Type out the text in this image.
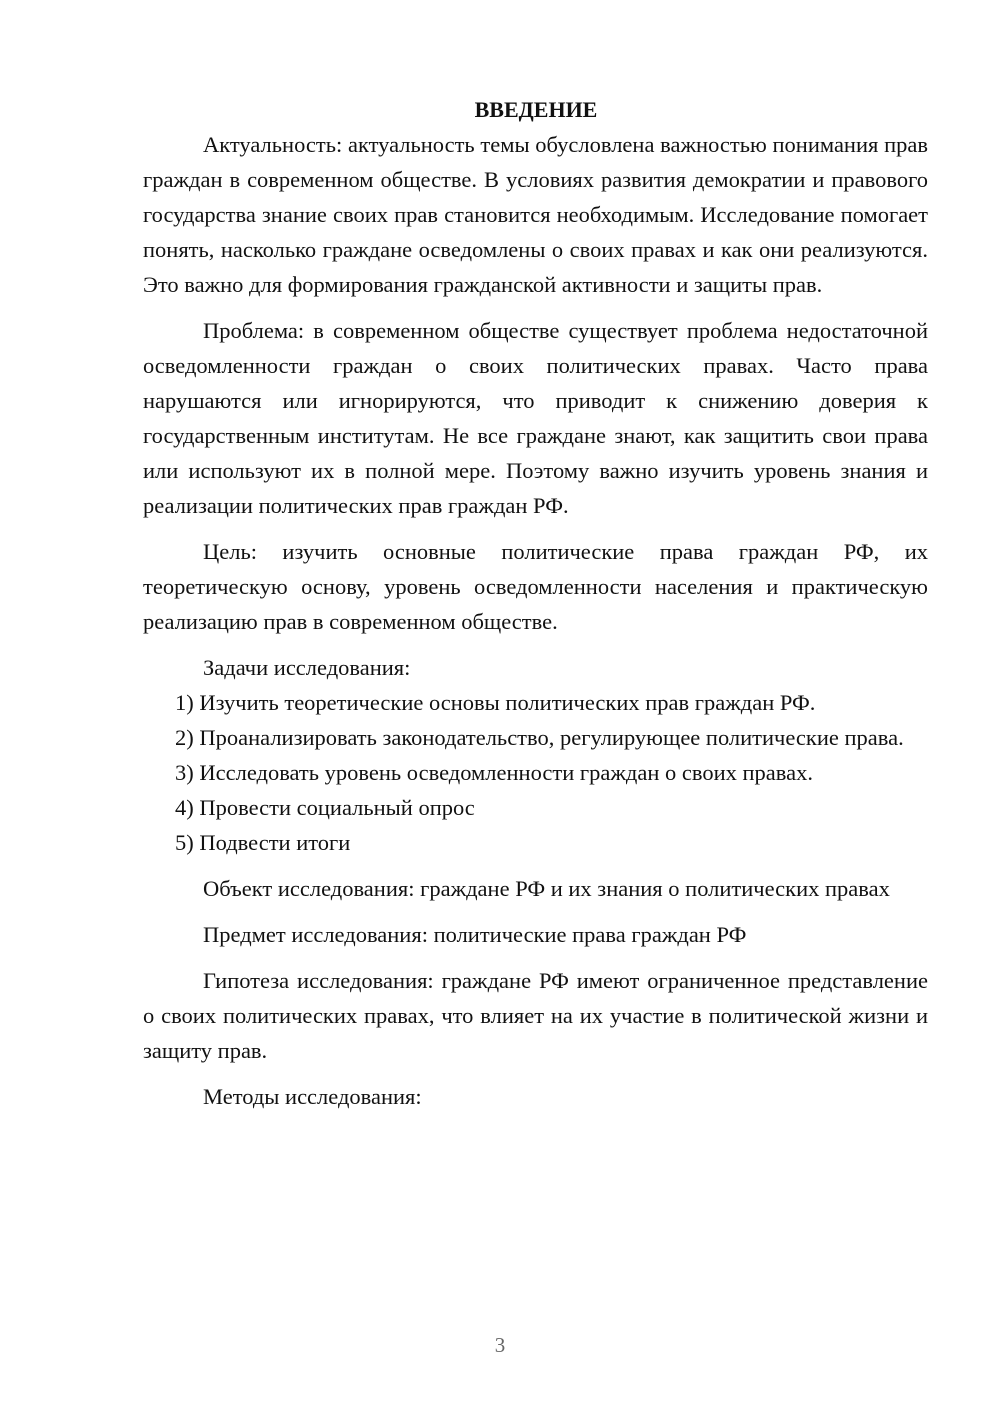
ВВЕДЕНИЕ

Актуальность: актуальность темы обусловлена важностью понимания прав граждан в современном обществе. В условиях развития демократии и правового государства знание своих прав становится необходимым. Исследование помогает понять, насколько граждане осведомлены о своих правах и как они реализуются. Это важно для формирования гражданской активности и защиты прав.

Проблема: в современном обществе существует проблема недостаточной осведомленности граждан о своих политических правах. Часто права нарушаются или игнорируются, что приводит к снижению доверия к государственным институтам. Не все граждане знают, как защитить свои права или используют их в полной мере. Поэтому важно изучить уровень знания и реализации политических прав граждан РФ.

Цель: изучить основные политические права граждан РФ, их теоретическую основу, уровень осведомленности населения и практическую реализацию прав в современном обществе.

Задачи исследования:

1) Изучить теоретические основы политических прав граждан РФ.

2) Проанализировать законодательство, регулирующее политические права.

3) Исследовать уровень осведомленности граждан о своих правах.

4) Провести социальный опрос

5) Подвести итоги

Объект исследования: граждане РФ и их знания о политических правах

Предмет исследования: политические права граждан РФ

Гипотеза исследования: граждане РФ имеют ограниченное представление о своих политических правах, что влияет на их участие в политической жизни и защиту прав.

Методы исследования:

3
